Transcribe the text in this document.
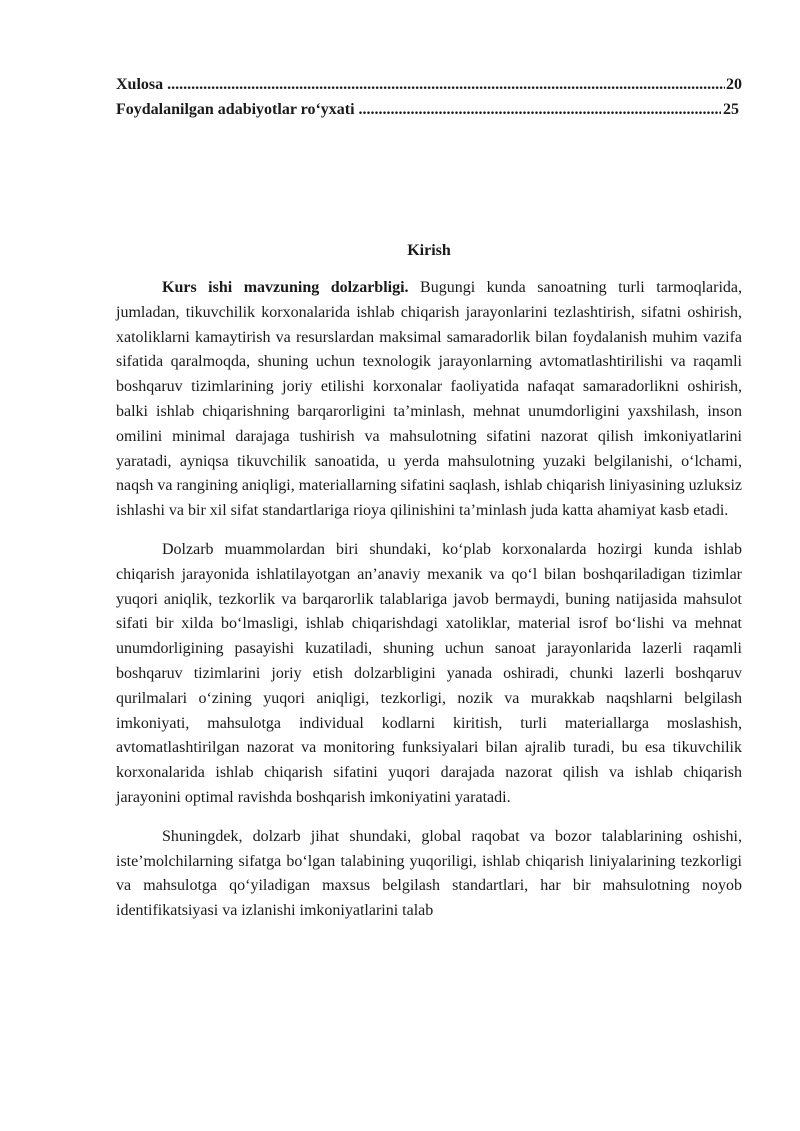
Xulosa .....	20
Foydalanilgan adabiyotlar ro‘yxati .....	25
Kirish

Kurs ishi mavzuning dolzarbligi. Bugungi kunda sanoatning turli tarmoqlarida, jumladan, tikuvchilik korxonalarida ishlab chiqarish jarayonlarini tezlashtirish, sifatni oshirish, xatoliklarni kamaytirish va resurslardan maksimal samaradorlik bilan foydalanish muhim vazifa sifatida qaralmoqda, shuning uchun texnologik jarayonlarning avtomatlashtirilishi va raqamli boshqaruv tizimlarining joriy etilishi korxonalar faoliyatida nafaqat samaradorlikni oshirish, balki ishlab chiqarishning barqarorligini ta’minlash, mehnat unumdorligini yaxshilash, inson omilini minimal darajaga tushirish va mahsulotning sifatini nazorat qilish imkoniyatlarini yaratadi, ayniqsa tikuvchilik sanoatida, u yerda mahsulotning yuzaki belgilanishi, o‘lchami, naqsh va rangining aniqligi, materiallarning sifatini saqlash, ishlab chiqarish liniyasining uzluksiz ishlashi va bir xil sifat standartlariga rioya qilinishini ta’minlash juda katta ahamiyat kasb etadi.

Dolzarb muammolardan biri shundaki, ko‘plab korxonalarda hozirgi kunda ishlab chiqarish jarayonida ishlatilayotgan an’anaviy mexanik va qo‘l bilan boshqariladigan tizimlar yuqori aniqlik, tezkorlik va barqarorlik talablariga javob bermaydi, buning natijasida mahsulot sifati bir xilda bo‘lmasligi, ishlab chiqarishdagi xatoliklar, material isrof bo‘lishi va mehnat unumdorligining pasayishi kuzatiladi, shuning uchun sanoat jarayonlarida lazerli raqamli boshqaruv tizimlarini joriy etish dolzarbligini yanada oshiradi, chunki lazerli boshqaruv qurilmalari o‘zining yuqori aniqligi, tezkorligi, nozik va murakkab naqshlarni belgilash imkoniyati, mahsulotga individual kodlarni kiritish, turli materiallarga moslashish, avtomatlashtirilgan nazorat va monitoring funksiyalari bilan ajralib turadi, bu esa tikuvchilik korxonalarida ishlab chiqarish sifatini yuqori darajada nazorat qilish va ishlab chiqarish jarayonini optimal ravishda boshqarish imkoniyatini yaratadi.

Shuningdek, dolzarb jihat shundaki, global raqobat va bozor talablarining oshishi, iste’molchilarning sifatga bo‘lgan talabining yuqoriligi, ishlab chiqarish liniyalarining tezkorligi va mahsulotga qo‘yiladigan maxsus belgilash standartlari, har bir mahsulotning noyob identifikatsiyasi va izlanishi imkoniyatlarini talab
